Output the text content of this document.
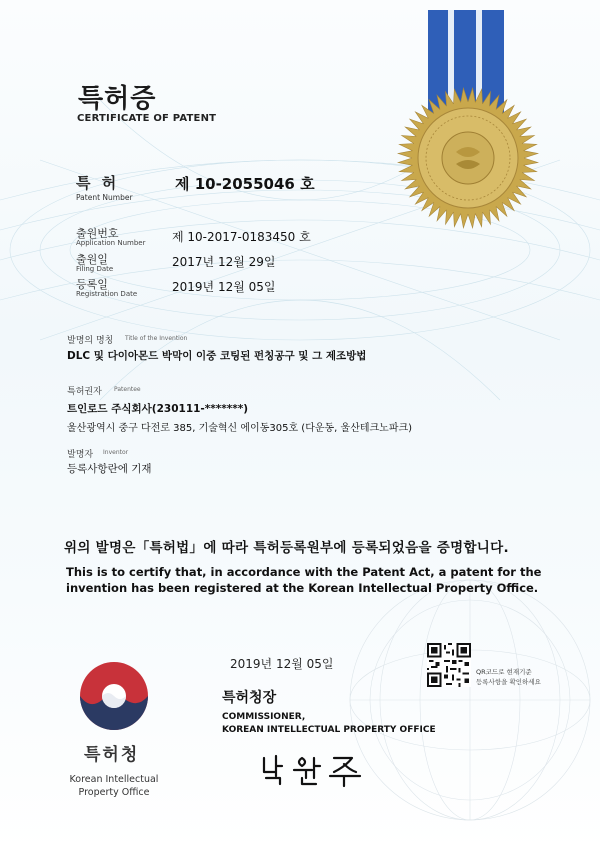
특허증
CERTIFICATE OF PATENT
특 허
Patent Number
제 10-2055046 호
출원번호
Application Number 제 10-2017-0183450 호
출원일
Filing Date	2017년 12월 29일
등록일
Registration Date	2019년 12월 05일
발명의 명칭 Title of the Invention
DLC 및 다이아몬드 박막이 이중 코팅된 펀칭공구 및 그 제조방법
특허권자 Patentee
트인로드 주식회사(230111-*******)
울산광역시 중구 다전로 385, 기술혁신 에이동305호 (다운동, 울산테크노파크)
발명자 Inventor
등록사항란에 기재
위의 발명은「특허법」에 따라 특허등록원부에 등록되었음을 증명합니다.
This is to certify that, in accordance with the Patent Act, a patent for the invention has been registered at the Korean Intellectual Property Office.
2019년 12월 05일
특허청장
COMMISSIONER,
KOREAN INTELLECTUAL PROPERTY OFFICE
QR코드로 현재기준
등록사항을 확인하세요
특허청
Korean Intellectual
Property Office
